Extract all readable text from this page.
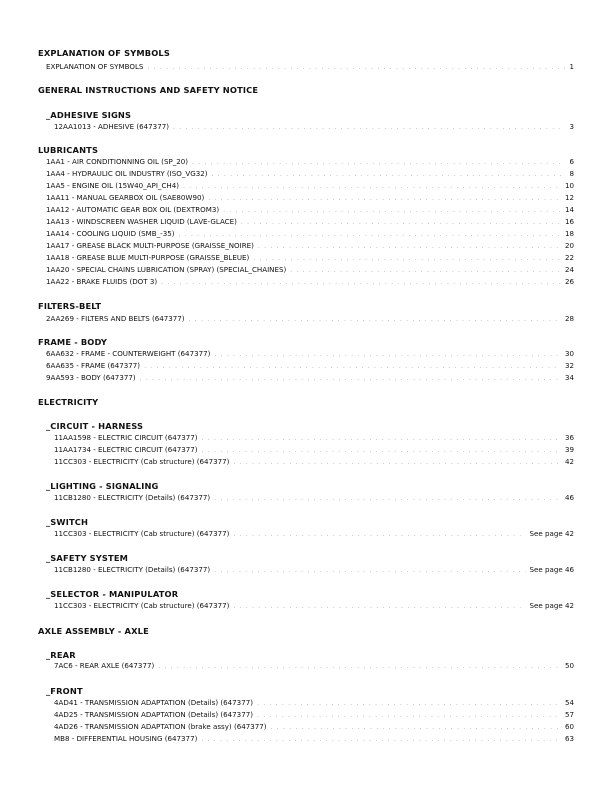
EXPLANATION OF SYMBOLS
EXPLANATION OF SYMBOLS . . .	1
GENERAL INSTRUCTIONS AND SAFETY NOTICE
_ADHESIVE SIGNS
12AA1013 - ADHESIVE (647377) . . .	3
LUBRICANTS
1AA1 - AIR CONDITIONNING OIL (SP_20) . . .	6
1AA4 - HYDRAULIC OIL INDUSTRY (ISO_VG32) . . .	8
1AA5 - ENGINE OIL (15W40_API_CH4) . . .	10
1AA11 - MANUAL GEARBOX OIL (SAE80W90) . . .	12
1AA12 - AUTOMATIC GEAR BOX OIL (DEXTROM3) . . .	14
1AA13 - WINDSCREEN WASHER LIQUID (LAVE-GLACE) . . .	16
1AA14 - COOLING LIQUID (SMB_-35) . . .	18
1AA17 - GREASE BLACK MULTI-PURPOSE (GRAISSE_NOIRE) . . .	20
1AA18 - GREASE BLUE MULTI-PURPOSE (GRAISSE_BLEUE) . . .	22
1AA20 - SPECIAL CHAINS LUBRICATION (SPRAY) (SPECIAL_CHAINES) . . .	24
1AA22 - BRAKE FLUIDS (DOT 3) . . .	26
FILTERS-BELT
2AA269 - FILTERS AND BELTS (647377) . . .	28
FRAME - BODY
6AA632 - FRAME - COUNTERWEIGHT (647377) . . .	30
6AA635 - FRAME (647377) . . .	32
9AA593 - BODY (647377) . . .	34
ELECTRICITY
_CIRCUIT - HARNESS
11AA1598 - ELECTRIC CIRCUIT (647377) . . .	36
11AA1734 - ELECTRIC CIRCUIT (647377) . . .	39
11CC303 - ELECTRICITY (Cab structure) (647377) . . .	42
_LIGHTING - SIGNALING
11CB1280 - ELECTRICITY (Details) (647377) . . .	46
_SWITCH
11CC303 - ELECTRICITY (Cab structure) (647377) . . .	See page 42
_SAFETY SYSTEM
11CB1280 - ELECTRICITY (Details) (647377) . . .	See page 46
_SELECTOR - MANIPULATOR
11CC303 - ELECTRICITY (Cab structure) (647377) . . .	See page 42
AXLE ASSEMBLY - AXLE
_REAR
7AC6 - REAR AXLE (647377) . . .	50
_FRONT
4AD41 - TRANSMISSION ADAPTATION (Details) (647377) . . .	54
4AD25 - TRANSMISSION ADAPTATION (Details) (647377) . . .	57
4AD26 - TRANSMISSION ADAPTATION (brake assy) (647377) . . .	60
MB8 - DIFFERENTIAL HOUSING (647377) . . .	63
